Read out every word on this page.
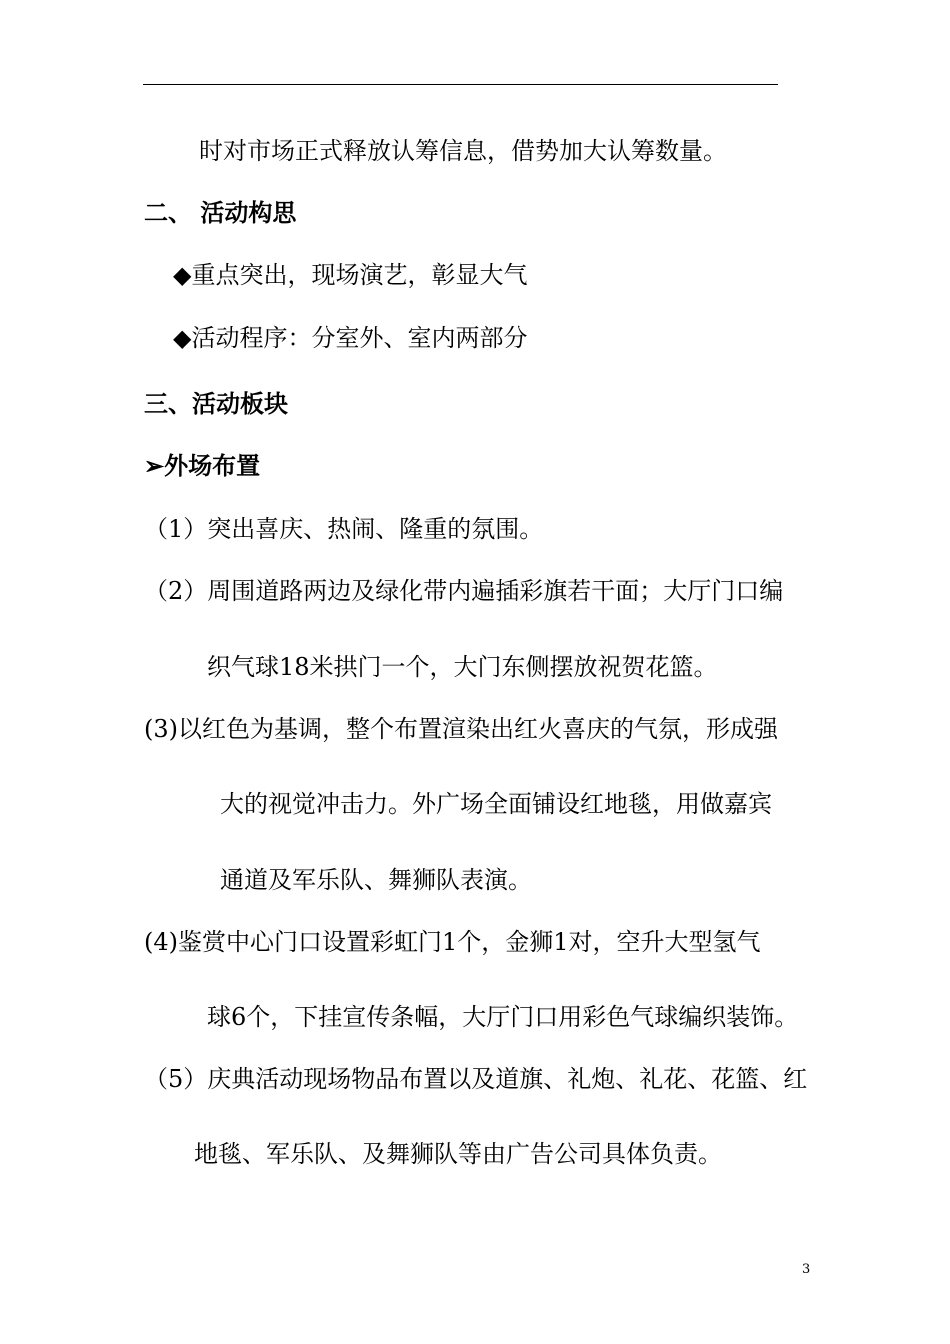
时对市场正式释放认筹信息，借势加大认筹数量。
二、 活动构思
◆重点突出，现场演艺，彰显大气
◆活动程序：分室外、室内两部分
三、活动板块
➢外场布置
（1）突出喜庆、热闹、隆重的氛围。
（2）周围道路两边及绿化带内遍插彩旗若干面；大厅门口编
织气球18米拱门一个，大门东侧摆放祝贺花篮。
(3)以红色为基调，整个布置渲染出红火喜庆的气氛，形成强
大的视觉冲击力。外广场全面铺设红地毯，用做嘉宾
通道及军乐队、舞狮队表演。
(4)鉴赏中心门口设置彩虹门1个，金狮1对，空升大型氢气
球6个，下挂宣传条幅，大厅门口用彩色气球编织装饰。
（5）庆典活动现场物品布置以及道旗、礼炮、礼花、花篮、红
地毯、军乐队、及舞狮队等由广告公司具体负责。
3
